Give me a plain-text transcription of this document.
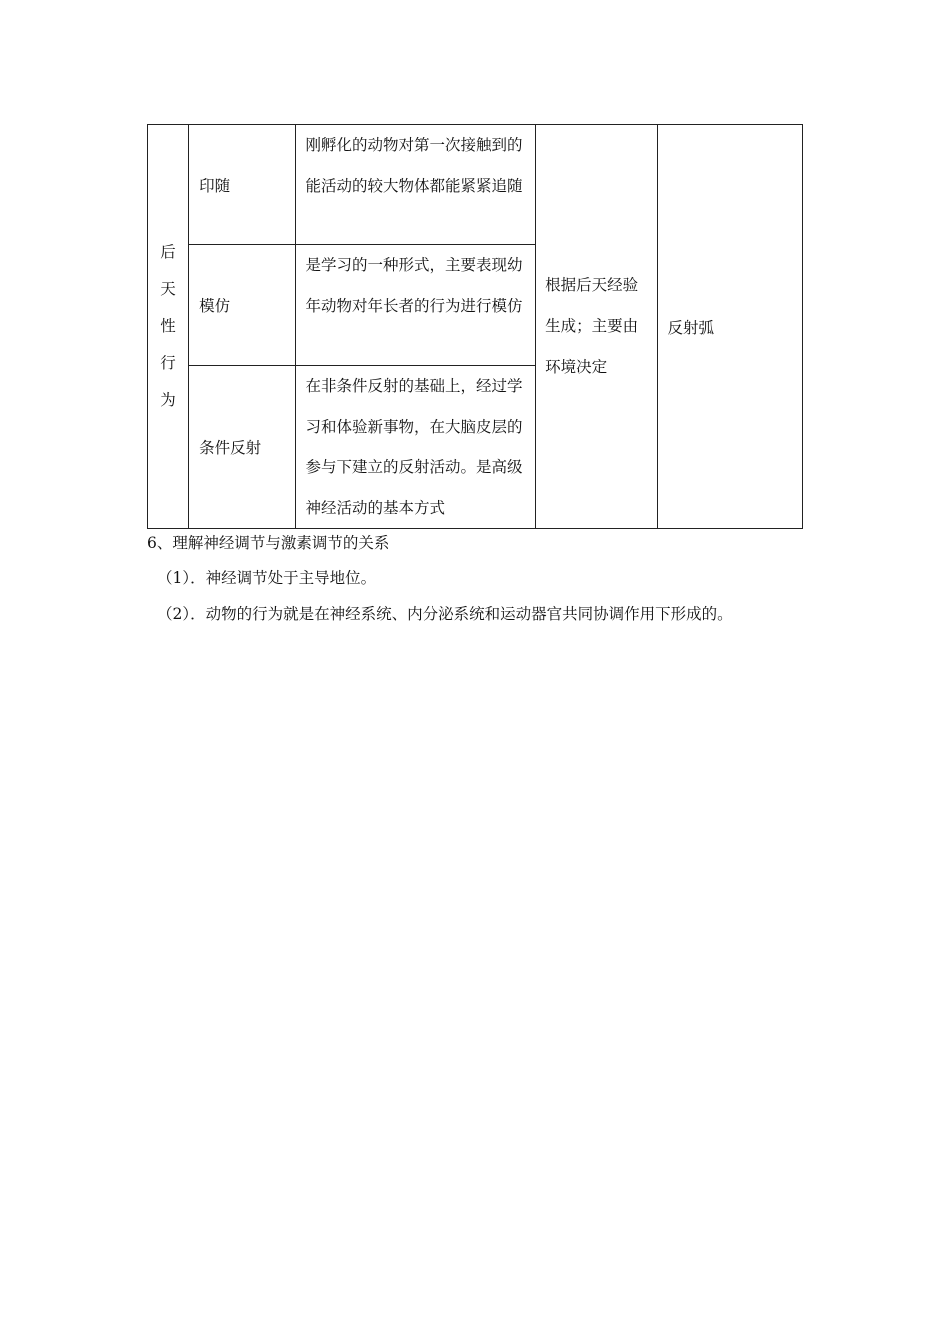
后天性行为	印随	刚孵化的动物对第一次接触到的能活动的较大物体都能紧紧追随	根据后天经验生成；主要由环境决定	反射弧
	模仿	是学习的一种形式，主要表现幼年动物对年长者的行为进行模仿		
	条件反射	在非条件反射的基础上，经过学习和体验新事物，在大脑皮层的参与下建立的反射活动。是高级神经活动的基本方式		
6、理解神经调节与激素调节的关系
（1）．神经调节处于主导地位。
（2）．动物的行为就是在神经系统、内分泌系统和运动器官共同协调作用下形成的。
